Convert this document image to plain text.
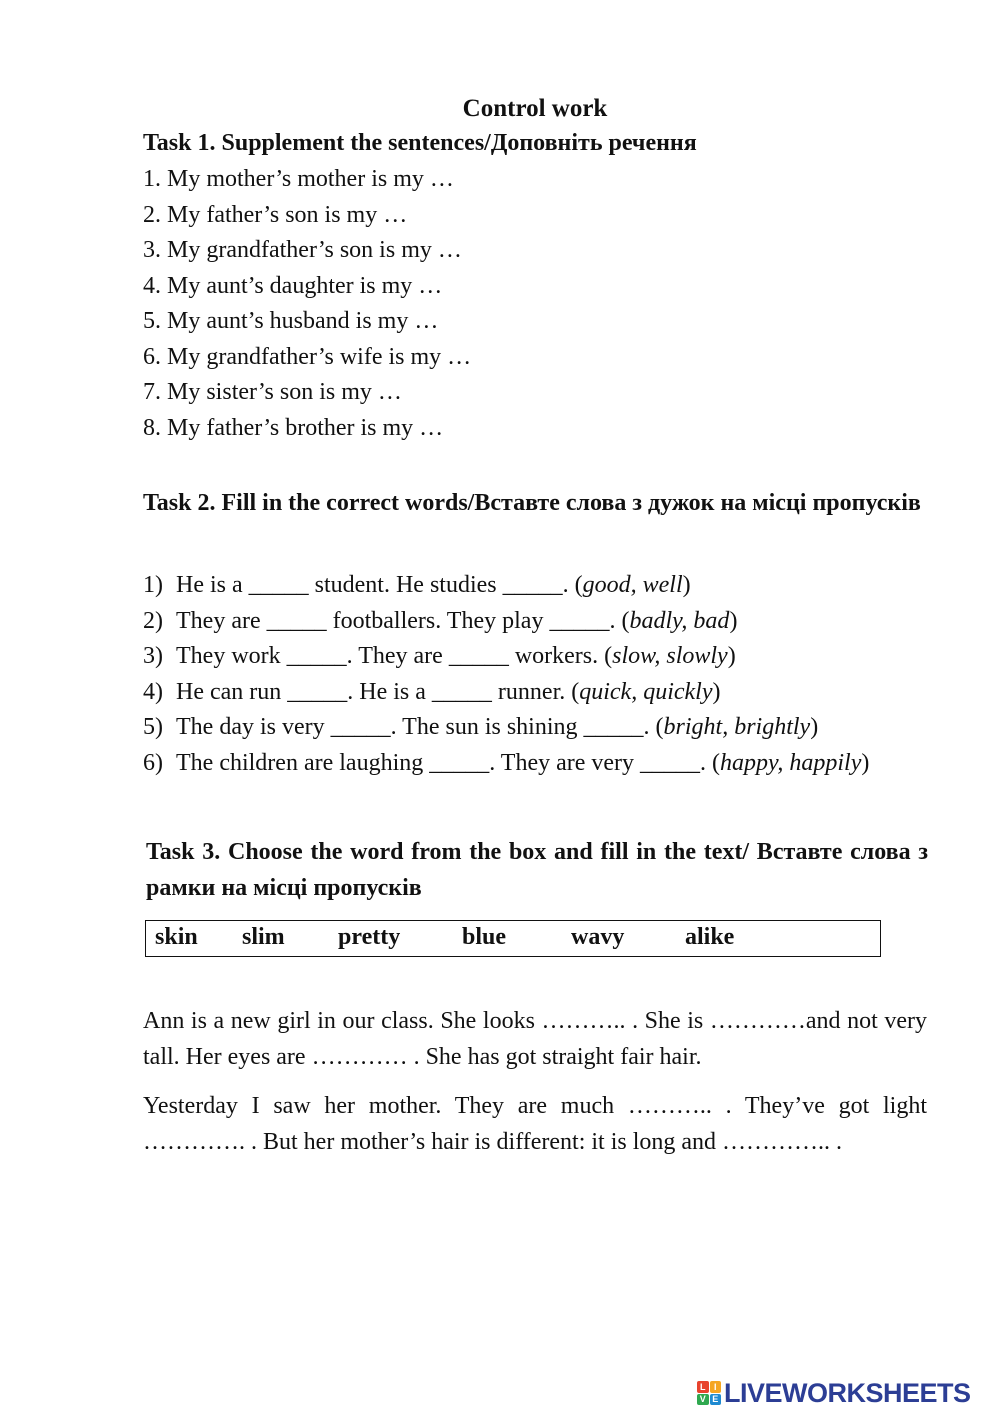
Control work
Task 1. Supplement the sentences/Доповніть речення
1. My mother’s mother is my …
2. My father’s son is my …
3. My grandfather’s son is my …
4. My aunt’s daughter is my …
5. My aunt’s husband is my …
6. My grandfather’s wife is my …
7. My sister’s son is my …
8. My father’s brother is my …
Task 2. Fill in the correct words/Вставте слова з дужок на місці пропусків
1) He is a _____ student. He studies _____. (good, well)
2) They are _____ footballers. They play _____. (badly, bad)
3) They work _____. They are _____ workers. (slow, slowly)
4) He can run _____. He is a _____ runner. (quick, quickly)
5) The day is very _____. The sun is shining _____. (bright, brightly)
6) The children are laughing _____. They are very _____. (happy, happily)
Task 3. Choose the word from the box and fill in the text/ Вставте слова з рамки на місці пропусків
skin slim pretty	blue	wavy	alike
Ann is a new girl in our class. She looks ……….. . She is …………and not very tall. Her eyes are ………… . She has got straight fair hair.
Yesterday I saw her mother. They are much ……….. . They’ve got light …………. . But her mother’s hair is different: it is long and ………….. .
L I
V E LIVEWORKSHEETS
